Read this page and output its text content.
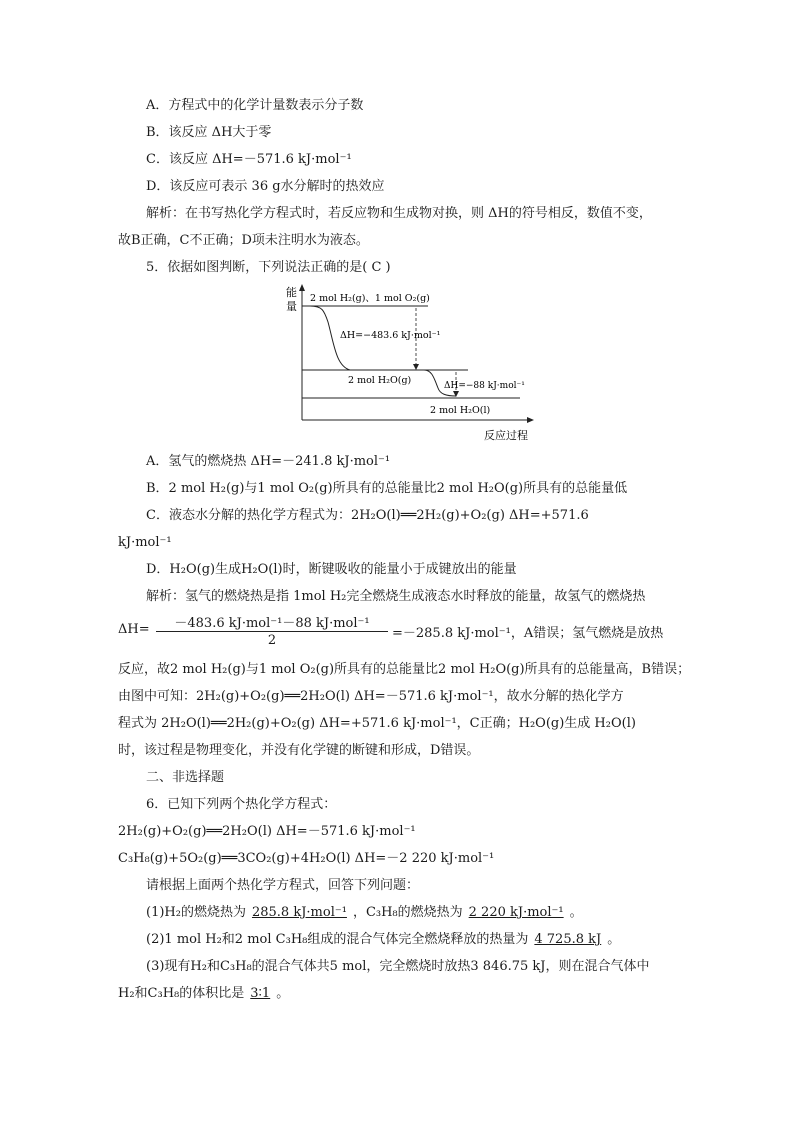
A．方程式中的化学计量数表示分子数
B．该反应 ΔH大于零
C．该反应 ΔH=－571.6 kJ·mol⁻¹
D．该反应可表示 36 g水分解时的热效应
解析：在书写热化学方程式时，若反应物和生成物对换，则 ΔH的符号相反，数值不变，
故B正确，C不正确；D项未注明水为液态。
5．依据如图判断，下列说法正确的是( C )
能
量
反应过程
2 mol H₂(g)、1 mol O₂(g)
ΔH=−483.6 kJ·mol⁻¹
2 mol H₂O(g)	ΔH=−88 kJ·mol⁻¹
2 mol H₂O(l)
A．氢气的燃烧热 ΔH=－241.8 kJ·mol⁻¹
B．2 mol H₂(g)与1 mol O₂(g)所具有的总能量比2 mol H₂O(g)所具有的总能量低
C．液态水分解的热化学方程式为：2H₂O(l)══2H₂(g)+O₂(g) ΔH=+571.6
kJ·mol⁻¹
D．H₂O(g)生成H₂O(l)时，断键吸收的能量小于成键放出的能量
解析：氢气的燃烧热是指 1mol H₂完全燃烧生成液态水时释放的能量，故氢气的燃烧热
ΔH=	－483.6 kJ·mol⁻¹－88 kJ·mol⁻¹
2	=－285.8 kJ·mol⁻¹，A错误；氢气燃烧是放热
反应，故2 mol H₂(g)与1 mol O₂(g)所具有的总能量比2 mol H₂O(g)所具有的总能量高，B错误；
由图中可知：2H₂(g)+O₂(g)══2H₂O(l) ΔH=－571.6 kJ·mol⁻¹，故水分解的热化学方
程式为 2H₂O(l)══2H₂(g)+O₂(g) ΔH=+571.6 kJ·mol⁻¹，C正确；H₂O(g)生成 H₂O(l)
时，该过程是物理变化，并没有化学键的断键和形成，D错误。
二、非选择题
6．已知下列两个热化学方程式：
2H₂(g)+O₂(g)══2H₂O(l) ΔH=－571.6 kJ·mol⁻¹
C₃H₈(g)+5O₂(g)══3CO₂(g)+4H₂O(l) ΔH=－2 220 kJ·mol⁻¹
请根据上面两个热化学方程式，回答下列问题：
(1)H₂的燃烧热为 285.8 kJ·mol⁻¹ ，C₃H₈的燃烧热为 2 220 kJ·mol⁻¹ 。
(2)1 mol H₂和2 mol C₃H₈组成的混合气体完全燃烧释放的热量为 4 725.8 kJ 。
(3)现有H₂和C₃H₈的混合气体共5 mol，完全燃烧时放热3 846.75 kJ，则在混合气体中
H₂和C₃H₈的体积比是 3∶1 。
